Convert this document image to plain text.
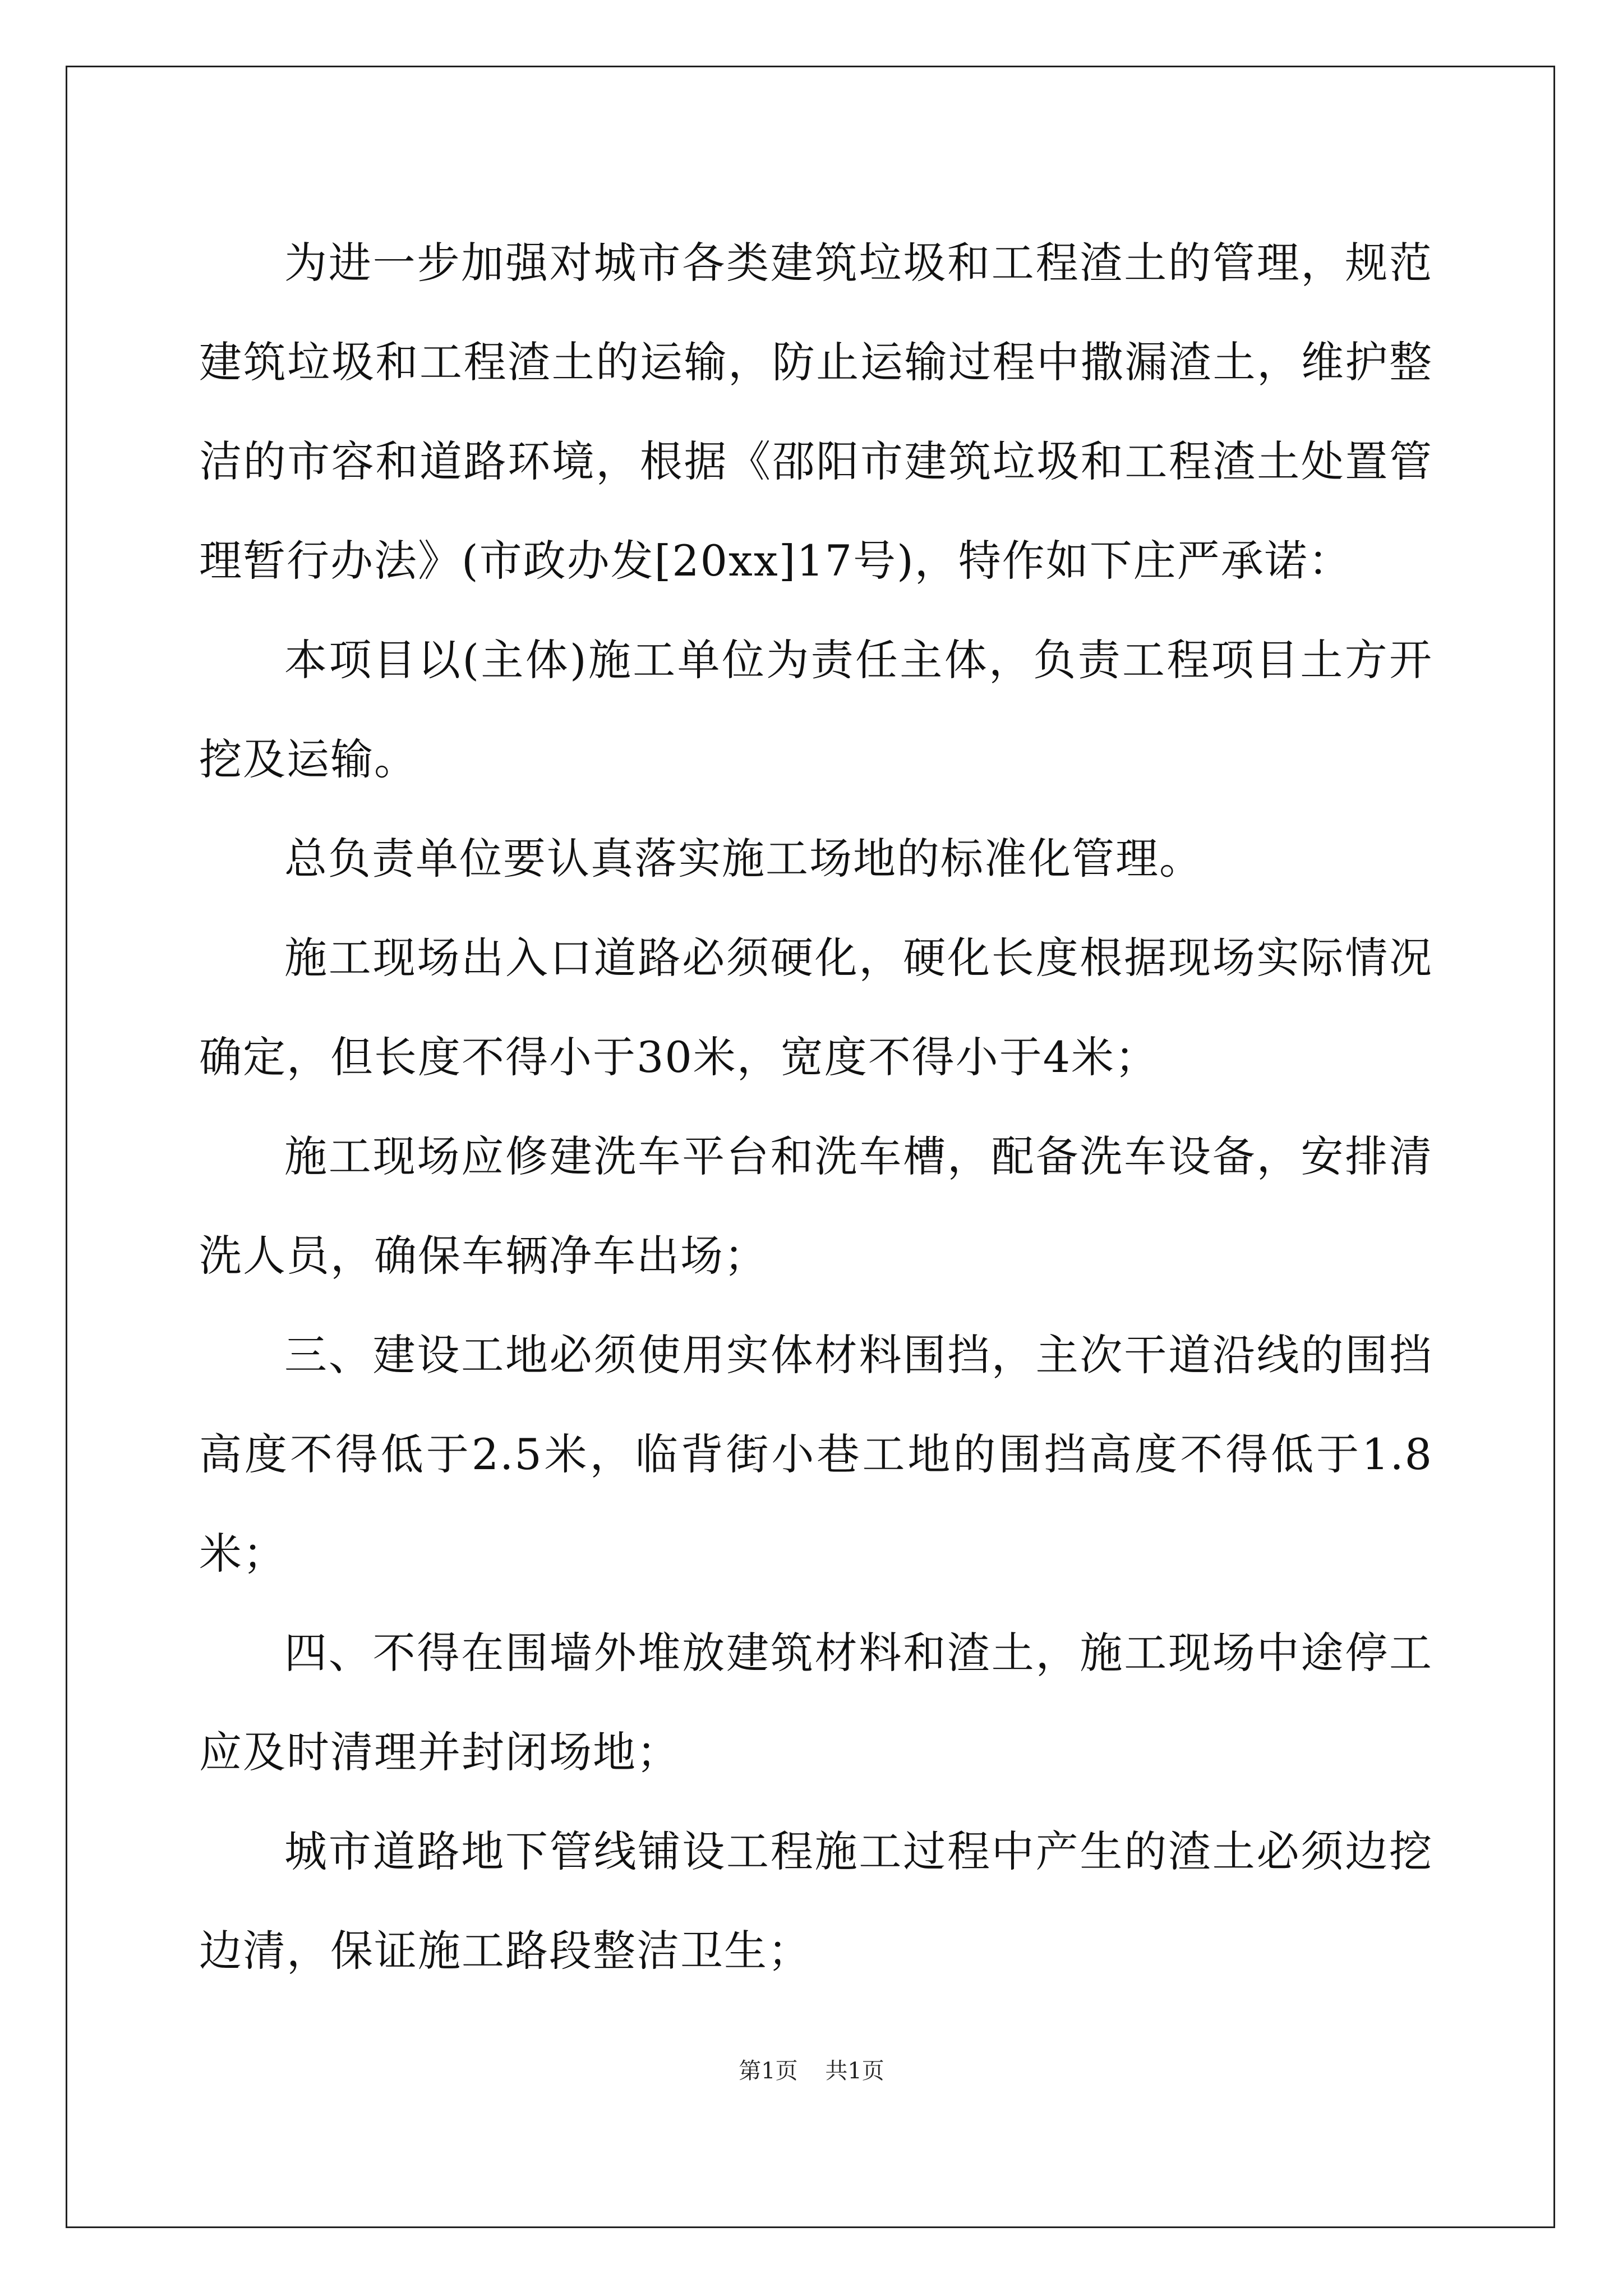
为进一步加强对城市各类建筑垃圾和工程渣土的管理，规范建筑垃圾和工程渣土的运输，防止运输过程中撒漏渣土，维护整洁的市容和道路环境，根据《邵阳市建筑垃圾和工程渣土处置管理暂行办法》(市政办发[20xx]17号)，特作如下庄严承诺：

本项目以(主体)施工单位为责任主体，负责工程项目土方开挖及运输。

总负责单位要认真落实施工场地的标准化管理。

施工现场出入口道路必须硬化，硬化长度根据现场实际情况确定，但长度不得小于30米，宽度不得小于4米；

施工现场应修建洗车平台和洗车槽，配备洗车设备，安排清洗人员，确保车辆净车出场；

三、建设工地必须使用实体材料围挡，主次干道沿线的围挡高度不得低于2.5米，临背街小巷工地的围挡高度不得低于1.8米；

四、不得在围墙外堆放建筑材料和渣土，施工现场中途停工应及时清理并封闭场地；

城市道路地下管线铺设工程施工过程中产生的渣土必须边挖边清，保证施工路段整洁卫生；

第1页 共1页
